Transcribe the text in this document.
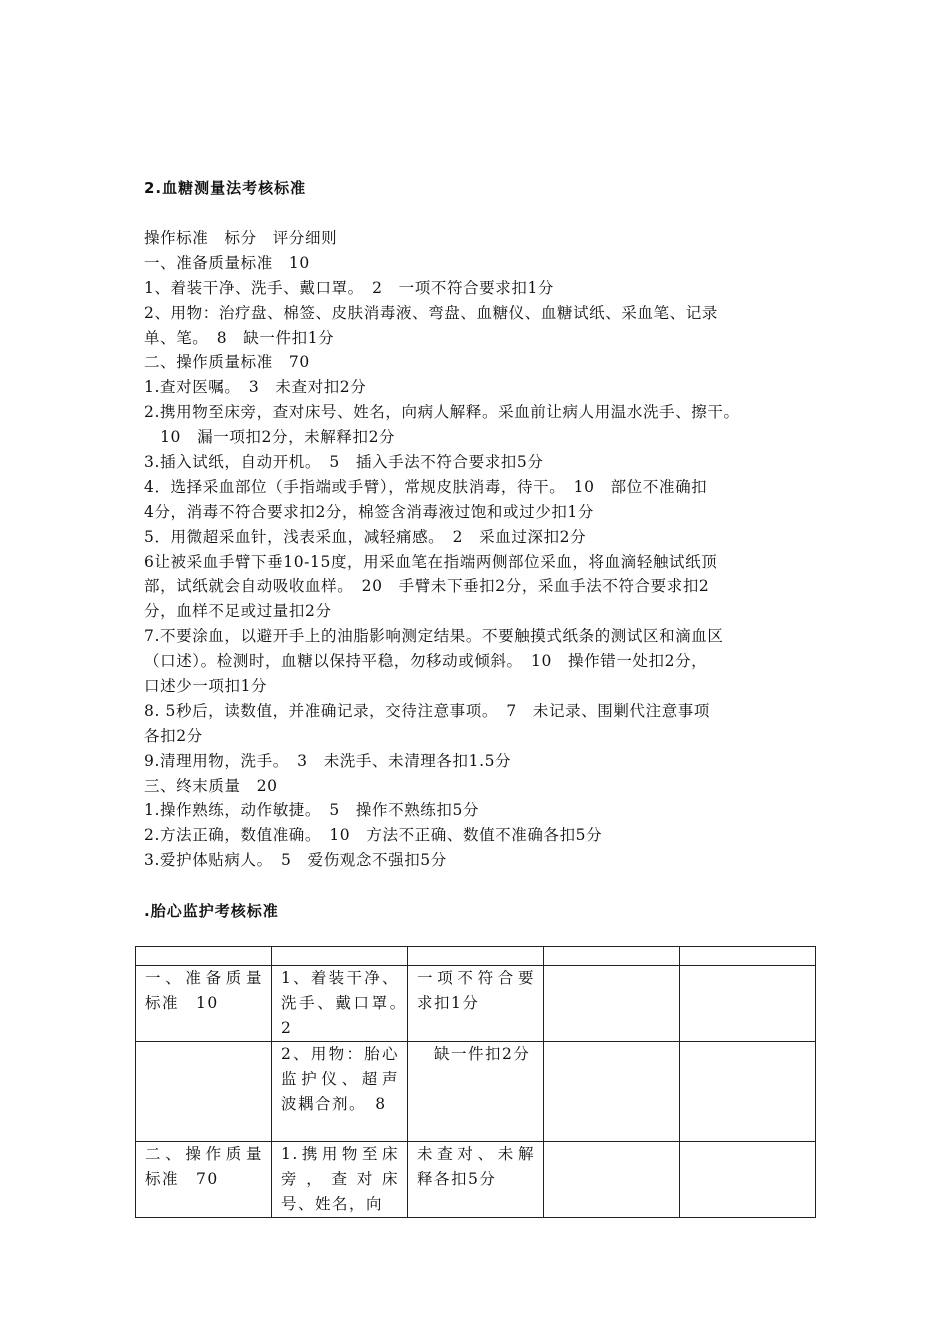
2.血糖测量法考核标准
操作标准　标分　评分细则
一、准备质量标准　10
1、着装干净、洗手、戴口罩。　2　一项不符合要求扣1分
2、用物：治疗盘、棉签、皮肤消毒液、弯盘、血糖仪、血糖试纸、采血笔、记录
单、笔。　8　缺一件扣1分
二、操作质量标准　70
1.查对医嘱。　3　未查对扣2分
2.携用物至床旁，查对床号、姓名，向病人解释。采血前让病人用温水洗手、擦干。
　10　漏一项扣2分，未解释扣2分
3.插入试纸，自动开机。　5　插入手法不符合要求扣5分
4．选择采血部位（手指端或手臂），常规皮肤消毒，待干。　10　部位不准确扣
4分，消毒不符合要求扣2分，棉签含消毒液过饱和或过少扣1分
5．用微超采血针，浅表采血，减轻痛感。　2　采血过深扣2分
6让被采血手臂下垂10-15度，用采血笔在指端两侧部位采血，将血滴轻触试纸顶
部，试纸就会自动吸收血样。　20　手臂未下垂扣2分，采血手法不符合要求扣2
分，血样不足或过量扣2分
7.不要涂血，以避开手上的油脂影响测定结果。不要触摸式纸条的测试区和滴血区
（口述）。检测时，血糖以保持平稳，勿移动或倾斜。　10　操作错一处扣2分，
口述少一项扣1分
8. 5秒后，读数值，并准确记录，交待注意事项。　7　未记录、围剿代注意事项
各扣2分
9.清理用物，洗手。　3　未洗手、未清理各扣1.5分
三、终末质量　20
1.操作熟练，动作敏捷。　5　操作不熟练扣5分
2.方法正确，数值准确。　10　方法不正确、数值不准确各扣5分
3.爱护体贴病人。　5　爱伤观念不强扣5分
.胎心监护考核标准

一、准备质量标准　10	1、着装干净、洗手、戴口罩。　2	一项不符合要求扣1分		
	2、用物：胎心监护仪、超声波耦合剂。　8	　缺一件扣2分		
二、操作质量标准　70	1.携用物至床旁，查对床号、姓名，向	未查对、未解释各扣5分		
